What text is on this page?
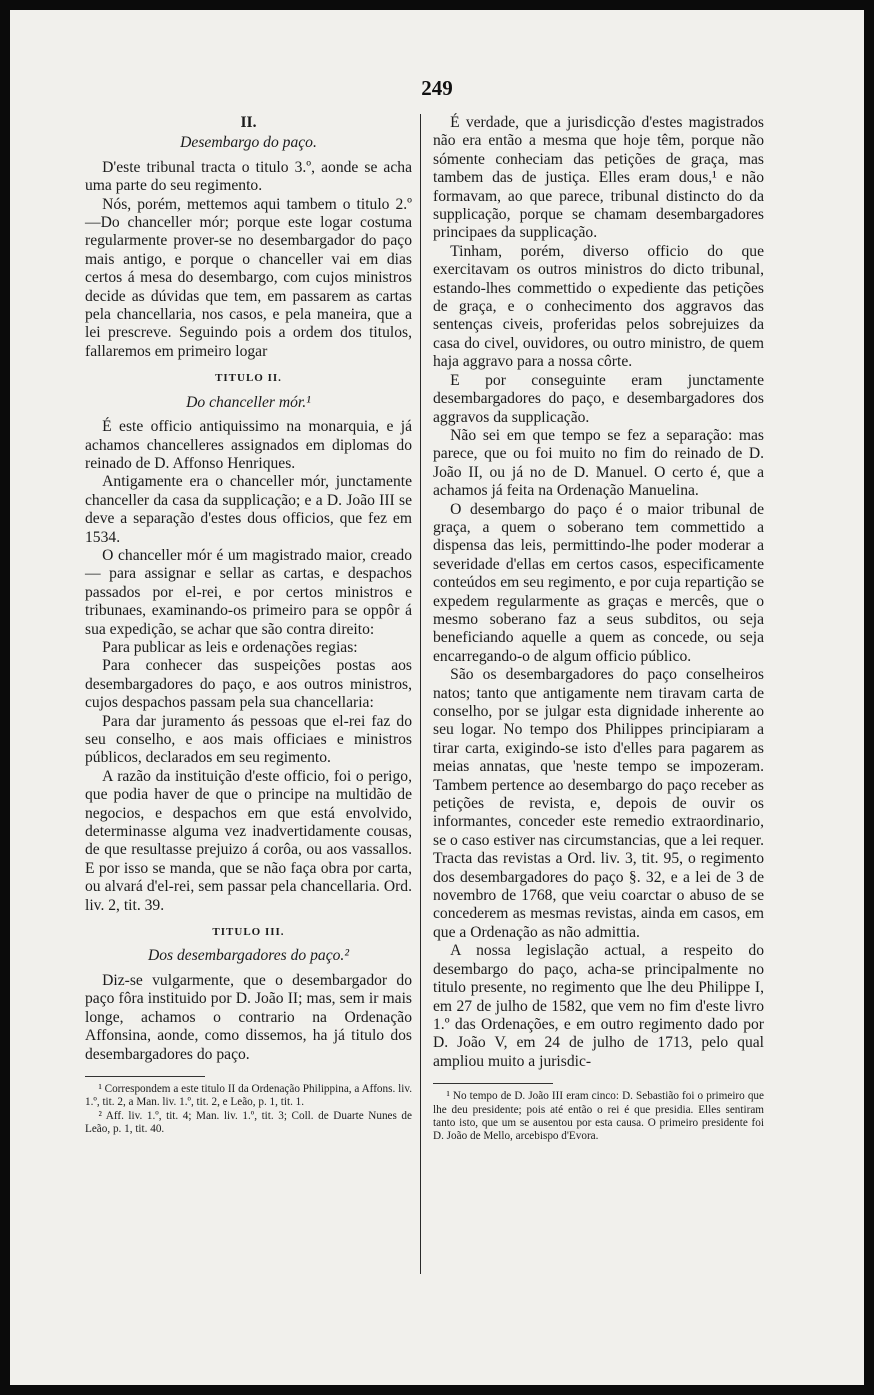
249

II.

Desembargo do paço.

D'este tribunal tracta o titulo 3.º, aonde se acha uma parte do seu regimento.

Nós, porém, mettemos aqui tambem o titulo 2.º—Do chanceller mór; porque este logar costuma regularmente prover-se no desembargador do paço mais antigo, e porque o chanceller vai em dias certos á mesa do desembargo, com cujos ministros decide as dúvidas que tem, em passarem as cartas pela chancellaria, nos casos, e pela maneira, que a lei prescreve. Seguindo pois a ordem dos titulos, fallaremos em primeiro logar

TITULO II.

Do chanceller mór.¹

É este officio antiquissimo na monarquia, e já achamos chancelleres assignados em diplomas do reinado de D. Affonso Henriques.

Antigamente era o chanceller mór, junctamente chanceller da casa da supplicação; e a D. João III se deve a separação d'estes dous officios, que fez em 1534.

O chanceller mór é um magistrado maior, creado — para assignar e sellar as cartas, e despachos passados por el-rei, e por certos ministros e tribunaes, examinando-os primeiro para se oppôr á sua expedição, se achar que são contra direito:

Para publicar as leis e ordenações regias:

Para conhecer das suspeições postas aos desembargadores do paço, e aos outros ministros, cujos despachos passam pela sua chancellaria:

Para dar juramento ás pessoas que el-rei faz do seu conselho, e aos mais officiaes e ministros públicos, declarados em seu regimento.

A razão da instituição d'este officio, foi o perigo, que podia haver de que o principe na multidão de negocios, e despachos em que está envolvido, determinasse alguma vez inadvertidamente cousas, de que resultasse prejuizo á corôa, ou aos vassallos. E por isso se manda, que se não faça obra por carta, ou alvará d'el-rei, sem passar pela chancellaria. Ord. liv. 2, tit. 39.

TITULO III.

Dos desembargadores do paço.²

Diz-se vulgarmente, que o desembargador do paço fôra instituido por D. João II; mas, sem ir mais longe, achamos o contrario na Ordenação Affonsina, aonde, como dissemos, ha já titulo dos desembargadores do paço.

¹ Correspondem a este titulo II da Ordenação Philippina, a Affons. liv. 1.º, tit. 2, a Man. liv. 1.º, tit. 2, e Leão, p. 1, tit. 1.

² Aff. liv. 1.º, tit. 4; Man. liv. 1.º, tit. 3; Coll. de Duarte Nunes de Leão, p. 1, tit. 40.

É verdade, que a jurisdicção d'estes magistrados não era então a mesma que hoje têm, porque não sómente conheciam das petições de graça, mas tambem das de justiça. Elles eram dous,¹ e não formavam, ao que parece, tribunal distincto do da supplicação, porque se chamam desembargadores principaes da supplicação.

Tinham, porém, diverso officio do que exercitavam os outros ministros do dicto tribunal, estando-lhes commettido o expediente das petições de graça, e o conhecimento dos aggravos das sentenças civeis, proferidas pelos sobrejuizes da casa do civel, ouvidores, ou outro ministro, de quem haja aggravo para a nossa côrte.

E por conseguinte eram junctamente desembargadores do paço, e desembargadores dos aggravos da supplicação.

Não sei em que tempo se fez a separação: mas parece, que ou foi muito no fim do reinado de D. João II, ou já no de D. Manuel. O certo é, que a achamos já feita na Ordenação Manuelina.

O desembargo do paço é o maior tribunal de graça, a quem o soberano tem commettido a dispensa das leis, permittindo-lhe poder moderar a severidade d'ellas em certos casos, especificamente conteúdos em seu regimento, e por cuja repartição se expedem regularmente as graças e mercês, que o mesmo soberano faz a seus subditos, ou seja beneficiando aquelle a quem as concede, ou seja encarregando-o de algum officio público.

São os desembargadores do paço conselheiros natos; tanto que antigamente nem tiravam carta de conselho, por se julgar esta dignidade inherente ao seu logar. No tempo dos Philippes principiaram a tirar carta, exigindo-se isto d'elles para pagarem as meias annatas, que 'neste tempo se impozeram. Tambem pertence ao desembargo do paço receber as petições de revista, e, depois de ouvir os informantes, conceder este remedio extraordinario, se o caso estiver nas circumstancias, que a lei requer. Tracta das revistas a Ord. liv. 3, tit. 95, o regimento dos desembargadores do paço §. 32, e a lei de 3 de novembro de 1768, que veiu coarctar o abuso de se concederem as mesmas revistas, ainda em casos, em que a Ordenação as não admittia.

A nossa legislação actual, a respeito do desembargo do paço, acha-se principalmente no titulo presente, no regimento que lhe deu Philippe I, em 27 de julho de 1582, que vem no fim d'este livro 1.º das Ordenações, e em outro regimento dado por D. João V, em 24 de julho de 1713, pelo qual ampliou muito a jurisdic-

¹ No tempo de D. João III eram cinco: D. Sebastião foi o primeiro que lhe deu presidente; pois até então o rei é que presidia. Elles sentiram tanto isto, que um se ausentou por esta causa. O primeiro presidente foi D. João de Mello, arcebispo d'Evora.
